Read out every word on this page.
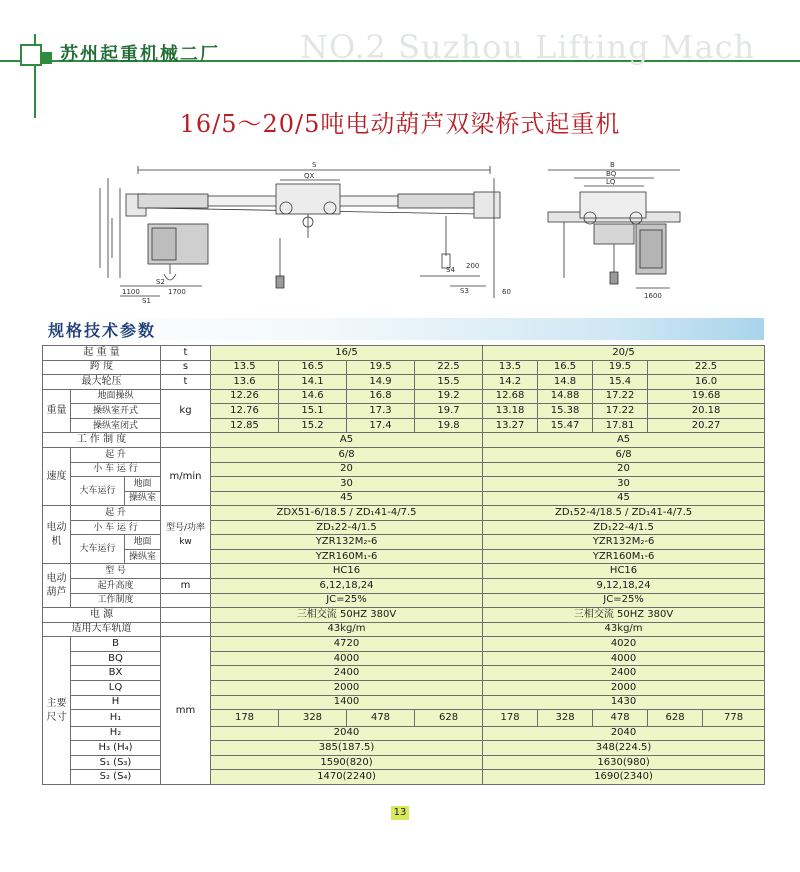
苏州起重机械二厂	NO.2 Suzhou Lifting Mach
16/5～20/5吨电动葫芦双梁桥式起重机
S
QX
1100	1700
S1
S2
S4 200
S3	60
B
BQ
LQ
1600
规格技术参数
起 重 量			t	16/5				20/5				
跨 度			s	13.5	16.5	19.5	22.5	13.5	16.5	19.5	22.5	
最大轮压			t	13.6	14.1	14.9	15.5	14.2	14.8	15.4	16.0	
重量	地面操纵		kg	12.26	14.6	16.8	19.2	12.68	14.88	17.22	19.68	
	操纵室开式			12.76	15.1	17.3	19.7	13.18	15.38	17.22	20.18	
	操纵室闭式			12.85	15.2	17.4	19.8	13.27	15.47	17.81	20.27	
工 作 制 度				A5				A5				
速度	起 升		m/min	6/8				6/8				
	小 车 运 行			20				20				
	大车运行	地面		30				30				
		操纵室		45				45				
电动机	起 升		型号/功率 kw	ZDX51-6/18.5 / ZD₁41-4/7.5				ZD₁52-4/18.5 / ZD₁41-4/7.5				
	小 车 运 行			ZD₁22-4/1.5				ZD₁22-4/1.5				
	大车运行	地面		YZR132M₂-6				YZR132M₂-6				
		操纵室		YZR160M₁-6				YZR160M₁-6				
电动葫芦	型 号			HC16				HC16				
	起升高度		m	6,12,18,24				9,12,18,24				
	工作制度			JC=25%				JC=25%				
电 源				三相交流 50HZ 380V				三相交流 50HZ 380V				
适用大车轨道				43kg/m				43kg/m				
主要尺寸	B		mm	4720				4020				
	BQ			4000				4000				
	BX			2400				2400				
	LQ			2000				2000				
	H			1400				1430				
	H₁			178	328	478	628	178	328	478	628	778
	H₂			2040				2040				
	H₃ (H₄)			385(187.5)				348(224.5)				
	S₁ (S₃)			1590(820)				1630(980)				
	S₂ (S₄)			1470(2240)				1690(2340)				
13
